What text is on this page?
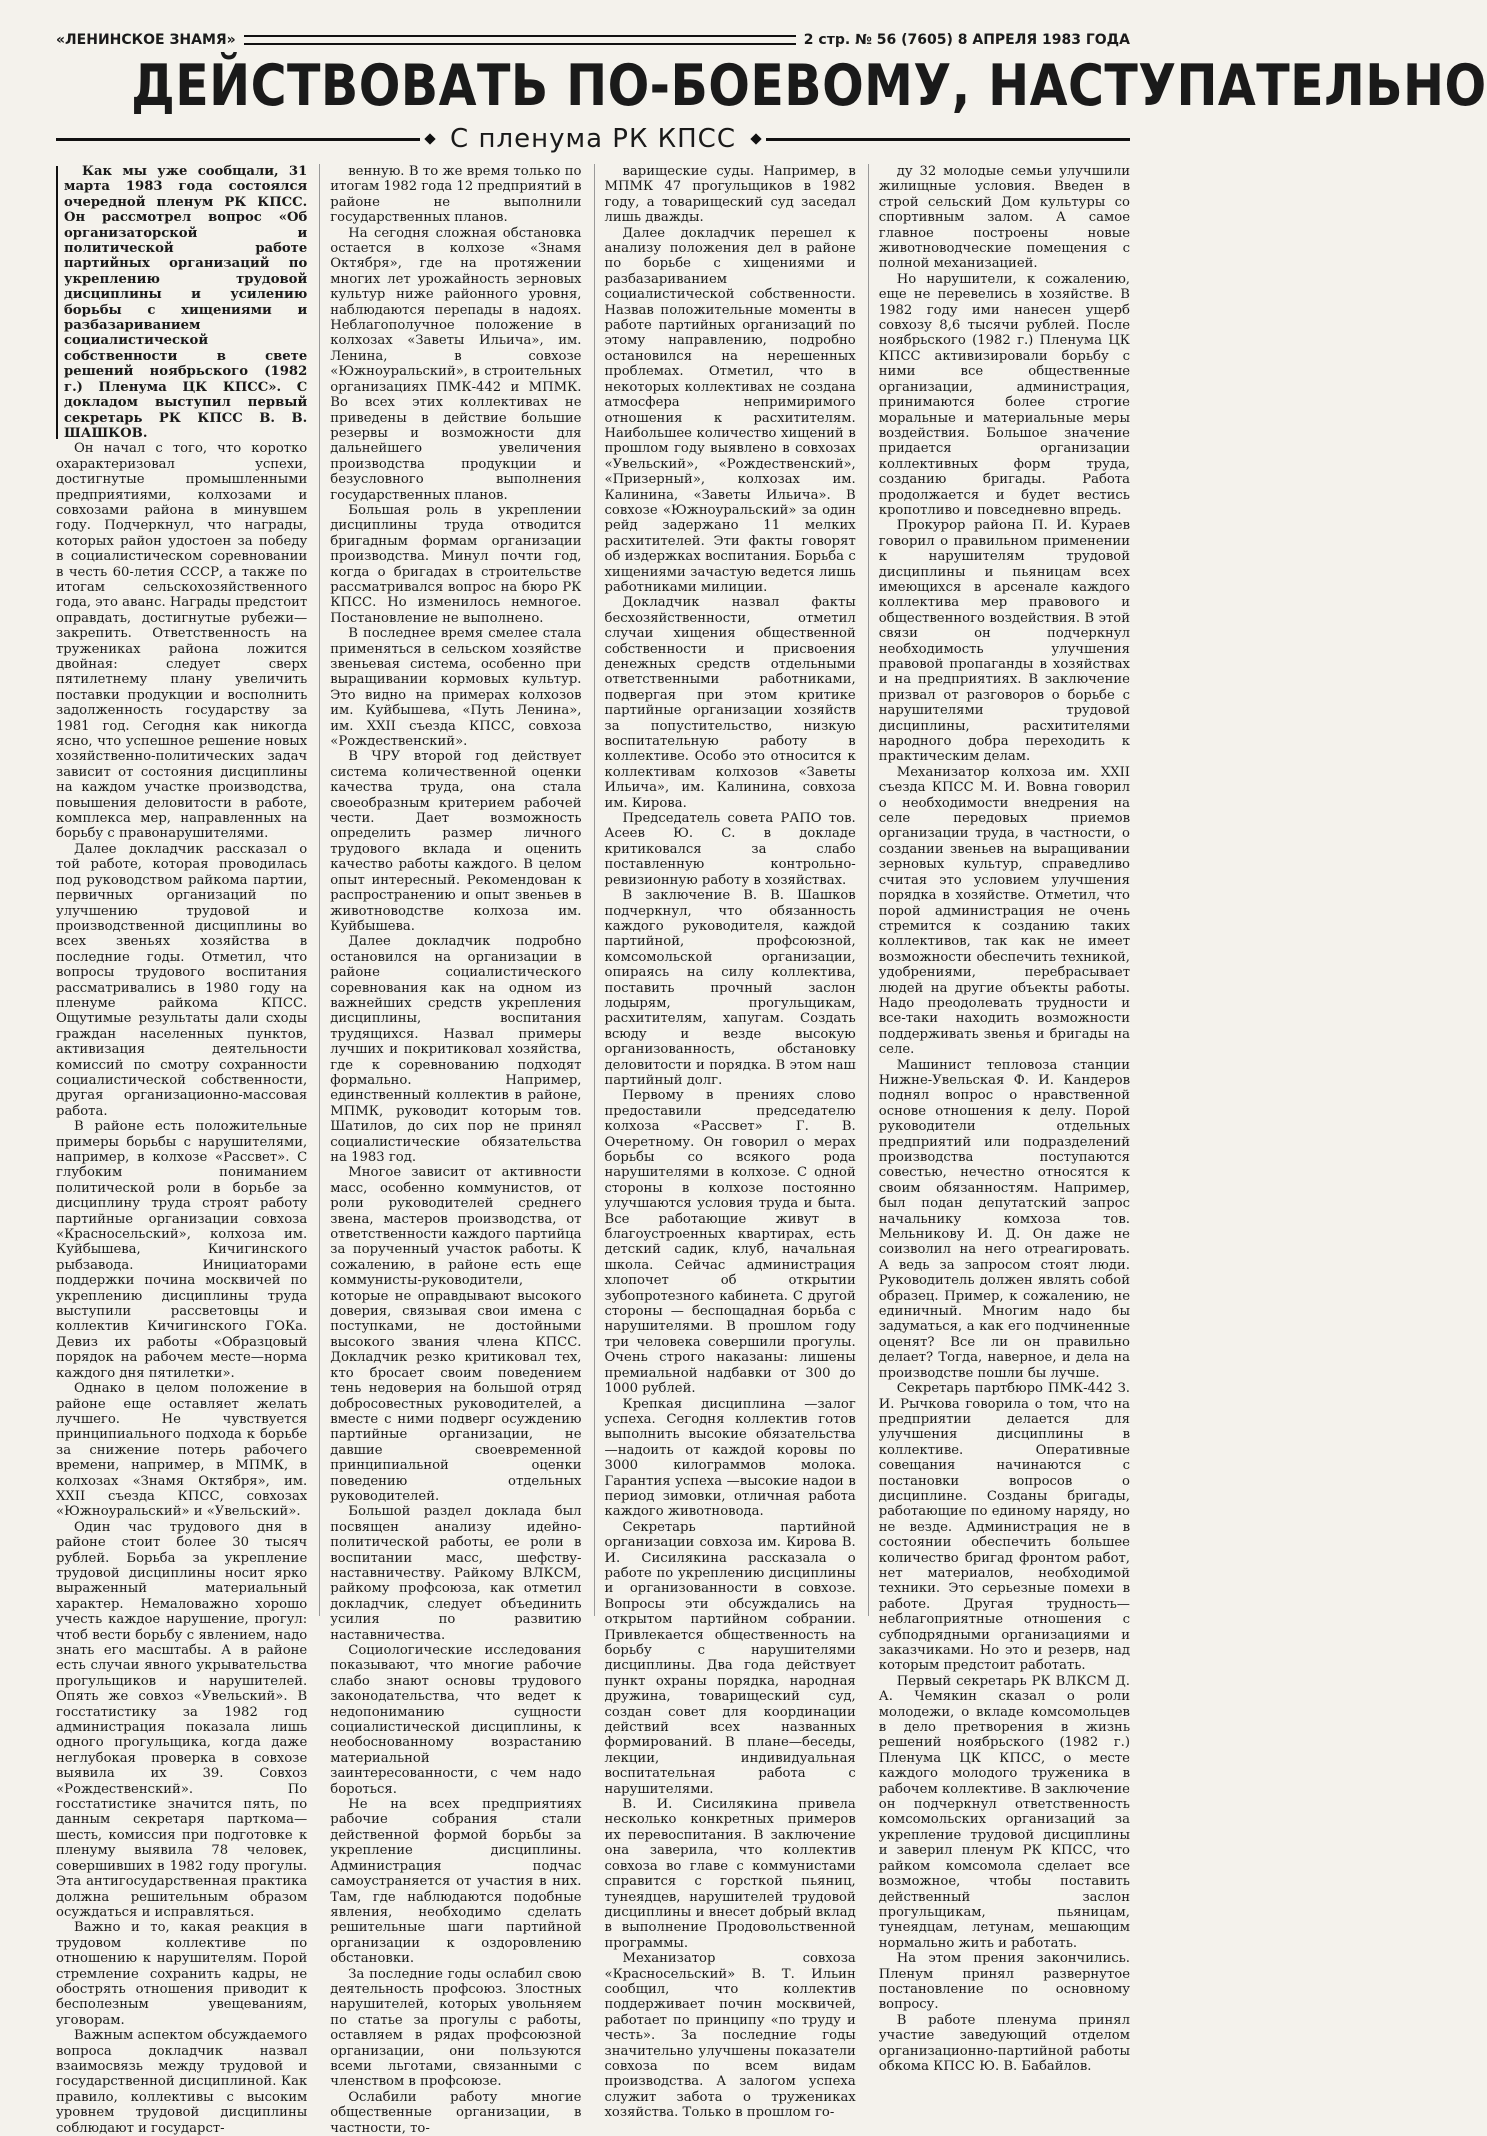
«ЛЕНИНСКОЕ ЗНАМЯ»	2 стр. № 56 (7605) 8 АПРЕЛЯ 1983 ГОДА
ДЕЙСТВОВАТЬ ПО-БОЕВОМУ, НАСТУПАТЕЛЬНО
С пленума РК КПСС

Как мы уже сообщали, 31 марта 1983 года состоялся очередной пленум РК КПСС. Он рассмотрел вопрос «Об организаторской и политической работе партийных организаций по укреплению трудовой дисциплины и усилению борьбы с хищениями и разбазариванием социалистической собственности в свете решений ноябрьского (1982 г.) Пленума ЦК КПСС». С докладом выступил первый секретарь РК КПСС В. В. ШАШКОВ.

Он начал с того, что коротко охарактеризовал успехи, достигнутые промышленными предприятиями, колхозами и совхозами района в минувшем году. Подчеркнул, что награды, которых район удостоен за победу в социалистическом соревновании в честь 60-летия СССР, а также по итогам сельскохозяйственного года, это аванс. Награды предстоит оправдать, достигнутые рубежи—закрепить. Ответственность на тружениках района ложится двойная: следует сверх пятилетнему плану увеличить поставки продукции и восполнить задолженность государству за 1981 год. Сегодня как никогда ясно, что успешное решение новых хозяйственно-политических задач зависит от состояния дисциплины на каждом участке производства, повышения деловитости в работе, комплекса мер, направленных на борьбу с правонарушителями.

Далее докладчик рассказал о той работе, которая проводилась под руководством райкома партии, первичных организаций по улучшению трудовой и производственной дисциплины во всех звеньях хозяйства в последние годы. Отметил, что вопросы трудового воспитания рассматривались в 1980 году на пленуме райкома КПСС. Ощутимые результаты дали сходы граждан населенных пунктов, активизация деятельности комиссий по смотру сохранности социалистической собственности, другая организационно-массовая работа.

В районе есть положительные примеры борьбы с нарушителями, например, в колхозе «Рассвет». С глубоким пониманием политической роли в борьбе за дисциплину труда строят работу партийные организации совхоза «Красносельский», колхоза им. Куйбышева, Кичигинского рыбзавода. Инициаторами поддержки почина москвичей по укреплению дисциплины труда выступили рассветовцы и коллектив Кичигинского ГОКа. Девиз их работы «Образцовый порядок на рабочем месте—норма каждого дня пятилетки».

Однако в целом положение в районе еще оставляет желать лучшего. Не чувствуется принципиального подхода к борьбе за снижение потерь рабочего времени, например, в МПМК, в колхозах «Знамя Октября», им. XXII съезда КПСС, совхозах «Южноуральский» и «Увельский».

Один час трудового дня в районе стоит более 30 тысяч рублей. Борьба за укрепление трудовой дисциплины носит ярко выраженный материальный характер. Немаловажно хорошо учесть каждое нарушение, прогул: чтоб вести борьбу с явлением, надо знать его масштабы. А в районе есть случаи явного укрывательства прогульщиков и нарушителей. Опять же совхоз «Увельский». В госстатистику за 1982 год администрация показала лишь одного прогульщика, когда даже неглубокая проверка в совхозе выявила их 39. Совхоз «Рождественский». По госстатистике значится пять, по данным секретаря парткома—шесть, комиссия при подготовке к пленуму выявила 78 человек, совершивших в 1982 году прогулы. Эта антигосударственная практика должна решительным образом осуждаться и исправляться.

Важно и то, какая реакция в трудовом коллективе по отношению к нарушителям. Порой стремление сохранить кадры, не обострять отношения приводит к бесполезным увещеваниям, уговорам.

Важным аспектом обсуждаемого вопроса докладчик назвал взаимосвязь между трудовой и государственной дисциплиной. Как правило, коллективы с высоким уровнем трудовой дисциплины соблюдают и государст-

венную. В то же время только по итогам 1982 года 12 предприятий в районе не выполнили государственных планов.

На сегодня сложная обстановка остается в колхозе «Знамя Октября», где на протяжении многих лет урожайность зерновых культур ниже районного уровня, наблюдаются перепады в надоях. Неблагополучное положение в колхозах «Заветы Ильича», им. Ленина, в совхозе «Южноуральский», в строительных организациях ПМК-442 и МПМК. Во всех этих коллективах не приведены в действие большие резервы и возможности для дальнейшего увеличения производства продукции и безусловного выполнения государственных планов.

Большая роль в укреплении дисциплины труда отводится бригадным формам организации производства. Минул почти год, когда о бригадах в строительстве рассматривался вопрос на бюро РК КПСС. Но изменилось немногое. Постановление не выполнено.

В последнее время смелее стала применяться в сельском хозяйстве звеньевая система, особенно при выращивании кормовых культур. Это видно на примерах колхозов им. Куйбышева, «Путь Ленина», им. XXII съезда КПСС, совхоза «Рождественский».

В ЧРУ второй год действует система количественной оценки качества труда, она стала своеобразным критерием рабочей чести. Дает возможность определить размер личного трудового вклада и оценить качество работы каждого. В целом опыт интересный. Рекомендован к распространению и опыт звеньев в животноводстве колхоза им. Куйбышева.

Далее докладчик подробно остановился на организации в районе социалистического соревнования как на одном из важнейших средств укрепления дисциплины, воспитания трудящихся. Назвал примеры лучших и покритиковал хозяйства, где к соревнованию подходят формально. Например, единственный коллектив в районе, МПМК, руководит которым тов. Шатилов, до сих пор не принял социалистические обязательства на 1983 год.

Многое зависит от активности масс, особенно коммунистов, от роли руководителей среднего звена, мастеров производства, от ответственности каждого партийца за порученный участок работы. К сожалению, в районе есть еще коммунисты-руководители, которые не оправдывают высокого доверия, связывая свои имена с поступками, не достойными высокого звания члена КПСС. Докладчик резко критиковал тех, кто бросает своим поведением тень недоверия на большой отряд добросовестных руководителей, а вместе с ними подверг осуждению партийные организации, не давшие своевременной принципиальной оценки поведению отдельных руководителей.

Большой раздел доклада был посвящен анализу идейно-политической работы, ее роли в воспитании масс, шефству-наставничеству. Райкому ВЛКСМ, райкому профсоюза, как отметил докладчик, следует объединить усилия по развитию наставничества.

Социологические исследования показывают, что многие рабочие слабо знают основы трудового законодательства, что ведет к недопониманию сущности социалистической дисциплины, к необоснованному возрастанию материальной заинтересованности, с чем надо бороться.

Не на всех предприятиях рабочие собрания стали действенной формой борьбы за укрепление дисциплины. Администрация подчас самоустраняется от участия в них. Там, где наблюдаются подобные явления, необходимо сделать решительные шаги партийной организации к оздоровлению обстановки.

За последние годы ослабил свою деятельность профсоюз. Злостных нарушителей, которых увольняем по статье за прогулы с работы, оставляем в рядах профсоюзной организации, они пользуются всеми льготами, связанными с членством в профсоюзе.

Ослабили работу многие общественные организации, в частности, то-

варищеские суды. Например, в МПМК 47 прогульщиков в 1982 году, а товарищеский суд заседал лишь дважды.

Далее докладчик перешел к анализу положения дел в районе по борьбе с хищениями и разбазариванием социалистической собственности. Назвав положительные моменты в работе партийных организаций по этому направлению, подробно остановился на нерешенных проблемах. Отметил, что в некоторых коллективах не создана атмосфера непримиримого отношения к расхитителям. Наибольшее количество хищений в прошлом году выявлено в совхозах «Увельский», «Рождественский», «Призерный», колхозах им. Калинина, «Заветы Ильича». В совхозе «Южноуральский» за один рейд задержано 11 мелких расхитителей. Эти факты говорят об издержках воспитания. Борьба с хищениями зачастую ведется лишь работниками милиции.

Докладчик назвал факты бесхозяйственности, отметил случаи хищения общественной собственности и присвоения денежных средств отдельными ответственными работниками, подвергая при этом критике партийные организации хозяйств за попустительство, низкую воспитательную работу в коллективе. Особо это относится к коллективам колхозов «Заветы Ильича», им. Калинина, совхоза им. Кирова.

Председатель совета РАПО тов. Асеев Ю. С. в докладе критиковался за слабо поставленную контрольно-ревизионную работу в хозяйствах.

В заключение В. В. Шашков подчеркнул, что обязанность каждого руководителя, каждой партийной, профсоюзной, комсомольской организации, опираясь на силу коллектива, поставить прочный заслон лодырям, прогульщикам, расхитителям, хапугам. Создать всюду и везде высокую организованность, обстановку деловитости и порядка. В этом наш партийный долг.

Первому в прениях слово предоставили председателю колхоза «Рассвет» Г. В. Очеретному. Он говорил о мерах борьбы со всякого рода нарушителями в колхозе. С одной стороны в колхозе постоянно улучшаются условия труда и быта. Все работающие живут в благоустроенных квартирах, есть детский садик, клуб, начальная школа. Сейчас администрация хлопочет об открытии зубопротезного кабинета. С другой стороны — беспощадная борьба с нарушителями. В прошлом году три человека совершили прогулы. Очень строго наказаны: лишены премиальной надбавки от 300 до 1000 рублей.

Крепкая дисциплина —залог успеха. Сегодня коллектив готов выполнить высокие обязательства—надоить от каждой коровы по 3000 килограммов молока. Гарантия успеха —высокие надои в период зимовки, отличная работа каждого животновода.

Секретарь партийной организации совхоза им. Кирова В. И. Сисилякина рассказала о работе по укреплению дисциплины и организованности в совхозе. Вопросы эти обсуждались на открытом партийном собрании. Привлекается общественность на борьбу с нарушителями дисциплины. Два года действует пункт охраны порядка, народная дружина, товарищеский суд, создан совет для координации действий всех названных формирований. В плане—беседы, лекции, индивидуальная воспитательная работа с нарушителями.

В. И. Сисилякина привела несколько конкретных примеров их перевоспитания. В заключение она заверила, что коллектив совхоза во главе с коммунистами справится с горсткой пьяниц, тунеядцев, нарушителей трудовой дисциплины и внесет добрый вклад в выполнение Продовольственной программы.

Механизатор совхоза «Красносельский» В. Т. Ильин сообщил, что коллектив поддерживает почин москвичей, работает по принципу «по труду и честь». За последние годы значительно улучшены показатели совхоза по всем видам производства. А залогом успеха служит забота о тружениках хозяйства. Только в прошлом го-

ду 32 молодые семьи улучшили жилищные условия. Введен в строй сельский Дом культуры со спортивным залом. А самое главное построены новые животноводческие помещения с полной механизацией.

Но нарушители, к сожалению, еще не перевелись в хозяйстве. В 1982 году ими нанесен ущерб совхозу 8,6 тысячи рублей. После ноябрьского (1982 г.) Пленума ЦК КПСС активизировали борьбу с ними все общественные организации, администрация, принимаются более строгие моральные и материальные меры воздействия. Большое значение придается организации коллективных форм труда, созданию бригады. Работа продолжается и будет вестись кропотливо и повседневно впредь.

Прокурор района П. И. Кураев говорил о правильном применении к нарушителям трудовой дисциплины и пьяницам всех имеющихся в арсенале каждого коллектива мер правового и общественного воздействия. В этой связи он подчеркнул необходимость улучшения правовой пропаганды в хозяйствах и на предприятиях. В заключение призвал от разговоров о борьбе с нарушителями трудовой дисциплины, расхитителями народного добра переходить к практическим делам.

Механизатор колхоза им. XXII съезда КПСС М. И. Вовна говорил о необходимости внедрения на селе передовых приемов организации труда, в частности, о создании звеньев на выращивании зерновых культур, справедливо считая это условием улучшения порядка в хозяйстве. Отметил, что порой администрация не очень стремится к созданию таких коллективов, так как не имеет возможности обеспечить техникой, удобрениями, перебрасывает людей на другие объекты работы. Надо преодолевать трудности и все-таки находить возможности поддерживать звенья и бригады на селе.

Машинист тепловоза станции Нижне-Увельская Ф. И. Кандеров поднял вопрос о нравственной основе отношения к делу. Порой руководители отдельных предприятий или подразделений производства поступаются совестью, нечестно относятся к своим обязанностям. Например, был подан депутатский запрос начальнику комхоза тов. Мельникову И. Д. Он даже не соизволил на него отреагировать. А ведь за запросом стоят люди. Руководитель должен являть собой образец. Пример, к сожалению, не единичный. Многим надо бы задуматься, а как его подчиненные оценят? Все ли он правильно делает? Тогда, наверное, и дела на производстве пошли бы лучше.

Секретарь партбюро ПМК-442 З. И. Рычкова говорила о том, что на предприятии делается для улучшения дисциплины в коллективе. Оперативные совещания начинаются с постановки вопросов о дисциплине. Созданы бригады, работающие по единому наряду, но не везде. Администрация не в состоянии обеспечить большее количество бригад фронтом работ, нет материалов, необходимой техники. Это серьезные помехи в работе. Другая трудность—неблагоприятные отношения с субподрядными организациями и заказчиками. Но это и резерв, над которым предстоит работать.

Первый секретарь РК ВЛКСМ Д. А. Чемякин сказал о роли молодежи, о вкладе комсомольцев в дело претворения в жизнь решений ноябрьского (1982 г.) Пленума ЦК КПСС, о месте каждого молодого труженика в рабочем коллективе. В заключение он подчеркнул ответственность комсомольских организаций за укрепление трудовой дисциплины и заверил пленум РК КПСС, что райком комсомола сделает все возможное, чтобы поставить действенный заслон прогульщикам, пьяницам, тунеядцам, летунам, мешающим нормально жить и работать.

На этом прения закончились. Пленум принял развернутое постановление по основному вопросу.

В работе пленума принял участие заведующий отделом организационно-партийной работы обкома КПСС Ю. В. Бабайлов.
